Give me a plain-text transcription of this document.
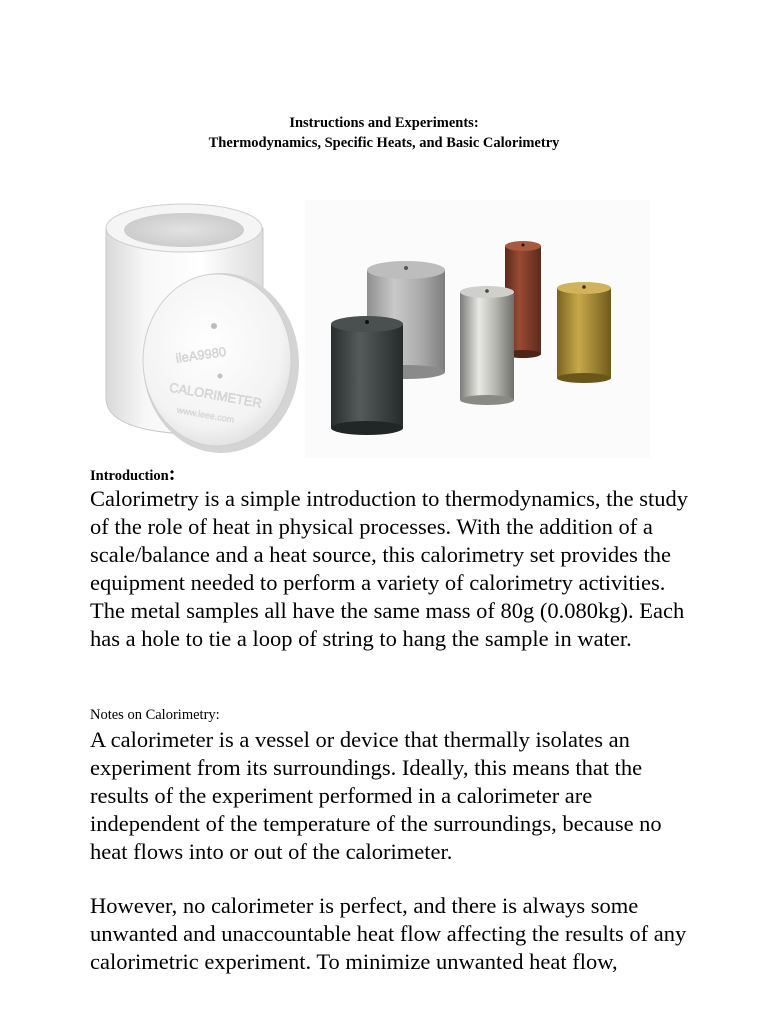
Instructions and Experiments:
Thermodynamics, Specific Heats, and Basic Calorimetry
ileA9980
CALORIMETER
www.ieee.com
Introduction:

Calorimetry is a simple introduction to thermodynamics, the study of the role of heat in physical processes. With the addition of a scale/balance and a heat source, this calorimetry set provides the equipment needed to perform a variety of calorimetry activities. The metal samples all have the same mass of 80g (0.080kg). Each has a hole to tie a loop of string to hang the sample in water.

Notes on Calorimetry:

A calorimeter is a vessel or device that thermally isolates an experiment from its surroundings. Ideally, this means that the results of the experiment performed in a calorimeter are independent of the temperature of the surroundings, because no heat flows into or out of the calorimeter.

However, no calorimeter is perfect, and there is always some unwanted and unaccountable heat flow affecting the results of any calorimetric experiment. To minimize unwanted heat flow,
